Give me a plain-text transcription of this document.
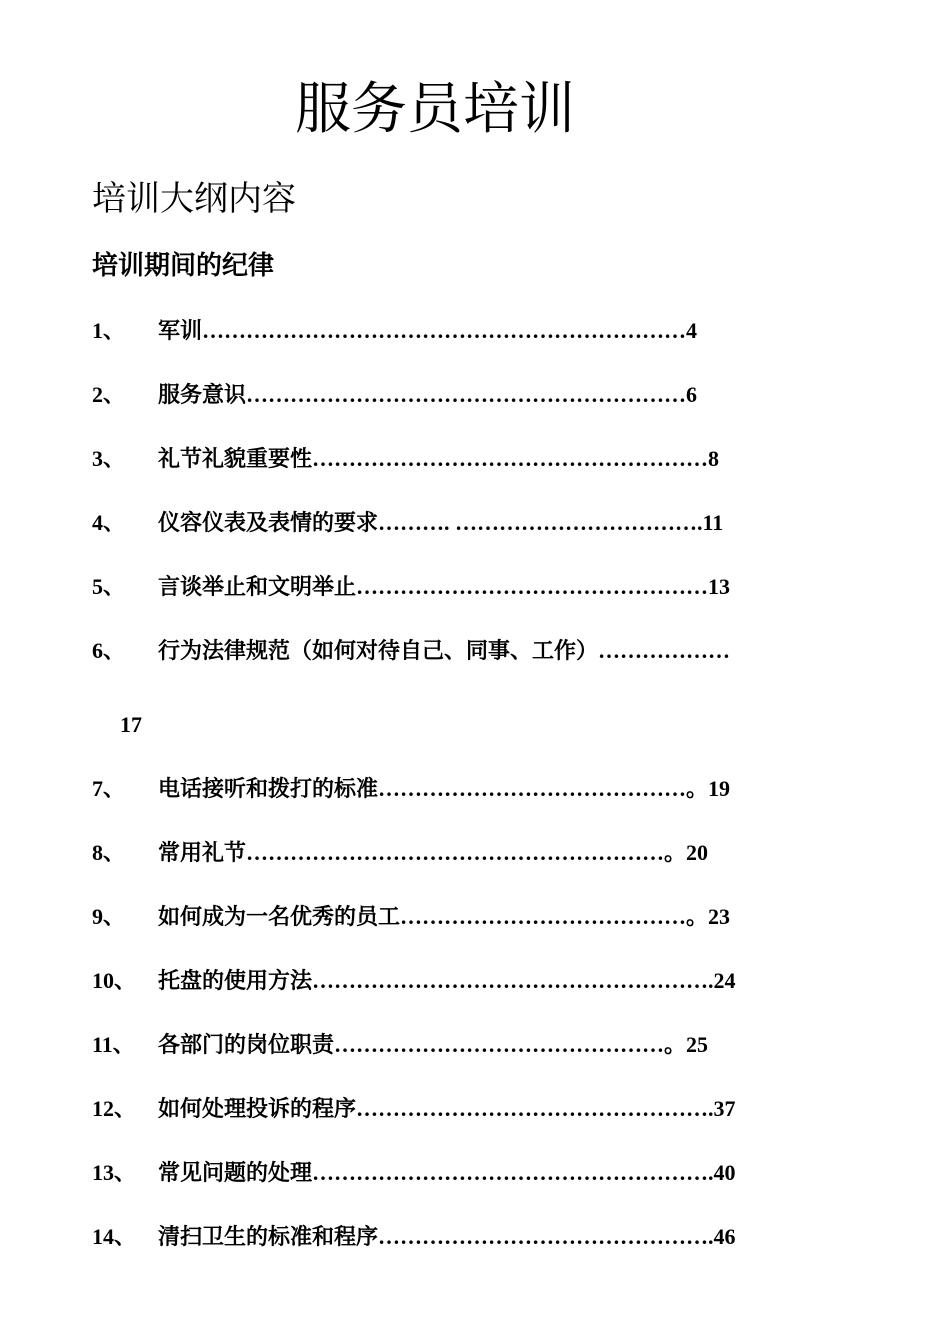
服务员培训
培训大纲内容
培训期间的纪律
1、 军训…………………………………………………………4
2、 服务意识……………………………………………………6
3、 礼节礼貌重要性………………………………………………8
4、 仪容仪表及表情的要求………. …………………………….11
5、 言谈举止和文明举止…………………………………………13
6、 行为法律规范（如何对待自己、同事、工作）………………
7、 电话接听和拨打的标准……………………………………。19
8、 常用礼节…………………………………………………。20
9、 如何成为一名优秀的员工…………………………………。23
10、 托盘的使用方法……………………………………………….24
11、 各部门的岗位职责………………………………………。25
12、 如何处理投诉的程序………………………………………….37
13、 常见问题的处理……………………………………………….40
14、 清扫卫生的标准和程序……………………………………….46
17
